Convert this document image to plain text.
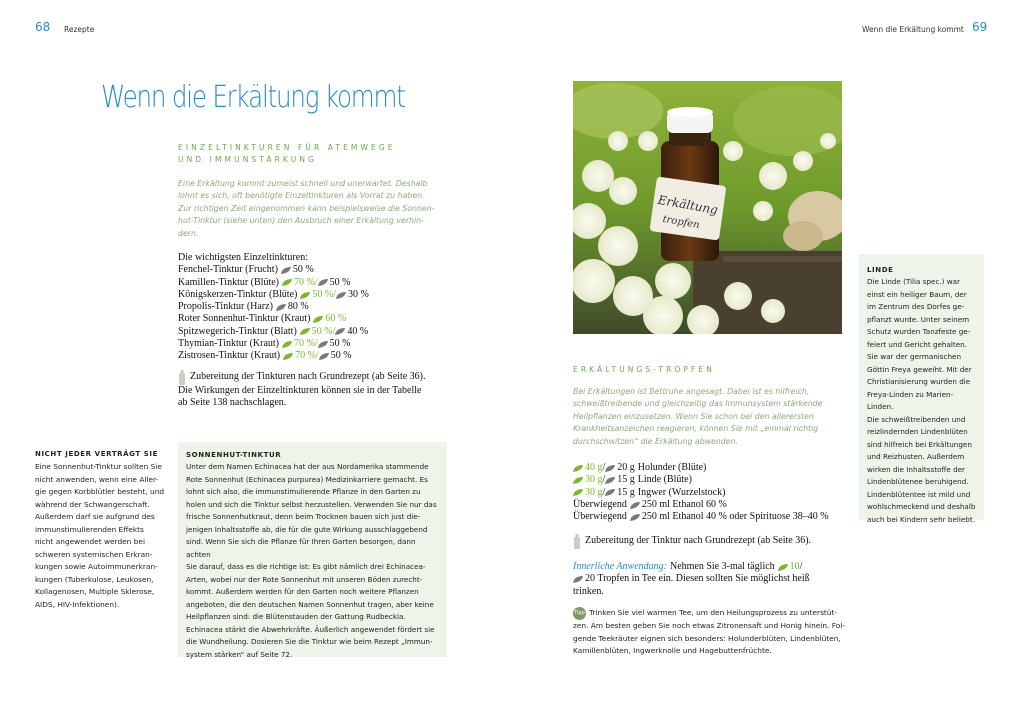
68 Rezepte
Wenn die Erkältung kommt
EINZELTINKTUREN FÜR ATEMWEGE
UND IMMUNSTÄRKUNG
Eine Erkältung kommt zumeist schnell und unerwartet. Deshalb
lohnt es sich, oft benötigte Einzeltinkturen als Vorrat zu haben.
Zur richtigen Zeit eingenommen kann beispielsweise die Sonnen-
hut-Tinktur (siehe unten) den Ausbruch einer Erkältung verhin-
dern.
Die wichtigsten Einzeltinkturen:
Fenchel-Tinktur (Frucht) 50 %
Kamillen-Tinktur (Blüte) 70 % / 50 %
Königskerzen-Tinktur (Blüte) 50 % / 30 %
Propolis-Tinktur (Harz) 80 %
Roter Sonnenhut-Tinktur (Kraut) 60 %
Spitzwegerich-Tinktur (Blatt) 50 % / 40 %
Thymian-Tinktur (Kraut) 70 % / 50 %
Zistrosen-Tinktur (Kraut) 70 % / 50 %
Zubereitung der Tinkturen nach Grundrezept (ab Seite 36).
Die Wirkungen der Einzeltinkturen können sie in der Tabelle
ab Seite 138 nachschlagen.
NICHT JEDER VERTRÄGT SIE
Eine Sonnenhut-Tinktur sollten Sie
nicht anwenden, wenn eine Aller-
gie gegen Korbblütler besteht, und
während der Schwangerschaft.
Außerdem darf sie aufgrund des
immunstimulierenden Effekts
nicht angewendet werden bei
schweren systemischen Erkran-
kungen sowie Autoimmunerkran-
kungen (Tuberkulose, Leukosen,
Kollagenosen, Multiple Sklerose,
AIDS, HIV-Infektionen).
SONNENHUT-TINKTUR
Unter dem Namen Echinacea hat der aus Nordamerika stammende
Rote Sonnenhut (Echinacea purpurea) Medizinkarriere gemacht. Es
lohnt sich also, die immunstimulierende Pflanze in den Garten zu
holen und sich die Tinktur selbst herzustellen. Verwenden Sie nur das
frische Sonnenhutkraut, denn beim Trocknen bauen sich just die-
jenigen Inhaltsstoffe ab, die für die gute Wirkung ausschlaggebend
sind. Wenn Sie sich die Pflanze für Ihren Garten besorgen, dann achten
Sie darauf, dass es die richtige ist: Es gibt nämlich drei Echinacea-
Arten, wobei nur der Rote Sonnenhut mit unseren Böden zurecht-
kommt. Außerdem werden für den Garten noch weitere Pflanzen
angeboten, die den deutschen Namen Sonnenhut tragen, aber keine
Heilpflanzen sind: die Blütenstauden der Gattung Rudbeckia.
Echinacea stärkt die Abwehrkräfte. Äußerlich angewendet fördert sie
die Wundheilung. Dosieren Sie die Tinktur wie beim Rezept „Immun-
system stärken“ auf Seite 72.
Wenn die Erkältung kommt 69
Erkältung
tropfen
LINDE
Die Linde (Tilia spec.) war
einst ein heiliger Baum, der
im Zentrum des Dorfes ge-
pflanzt wurde. Unter seinem
Schutz wurden Tanzfeste ge-
feiert und Gericht gehalten.
Sie war der germanischen
Göttin Freya geweiht. Mit der
Christianisierung wurden die
Freya-Linden zu Marien-Linden.
Die schweißtreibenden und
reizlindernden Lindenblüten
sind hilfreich bei Erkältungen
und Reizhusten. Außerdem
wirken die Inhaltsstoffe der
Lindenblütenee beruhigend.
Lindenblütentee ist mild und
wohlschmeckend und deshalb
auch bei Kindern sehr beliebt.
ERKÄLTUNGS-TROPFEN
Bei Erkältungen ist Bettruhe angesagt. Dabei ist es hilfreich,
schweißtreibende und gleichzeitig das Immunsystem stärkende
Heilpflanzen einzusetzen. Wenn Sie schon bei den allerersten
Krankheitsanzeichen reagieren, können Sie mit „einmal richtig
durchschwitzen“ die Erkältung abwenden.
40 g / 20 g Holunder (Blüte)
30 g / 15 g Linde (Blüte)
30 g / 15 g Ingwer (Wurzelstock)
Überwiegend 250 ml Ethanol 60 %
Überwiegend 250 ml Ethanol 40 % oder Spirituose 38–40 %
Zubereitung der Tinktur nach Grundrezept (ab Seite 36).
Innerliche Anwendung: Nehmen Sie 3-mal täglich 10 /
20 Tropfen in Tee ein. Diesen sollten Sie möglichst heiß
trinken.
Tipp Trinken Sie viel warmen Tee, um den Heilungsprozess zu unterstüt-
zen. Am besten geben Sie noch etwas Zitronensaft und Honig hinein. Fol-
gende Teekräuter eignen sich besonders: Holunderblüten, Lindenblüten,
Kamillenblüten, Ingwerknolle und Hagebuttenfrüchte.
